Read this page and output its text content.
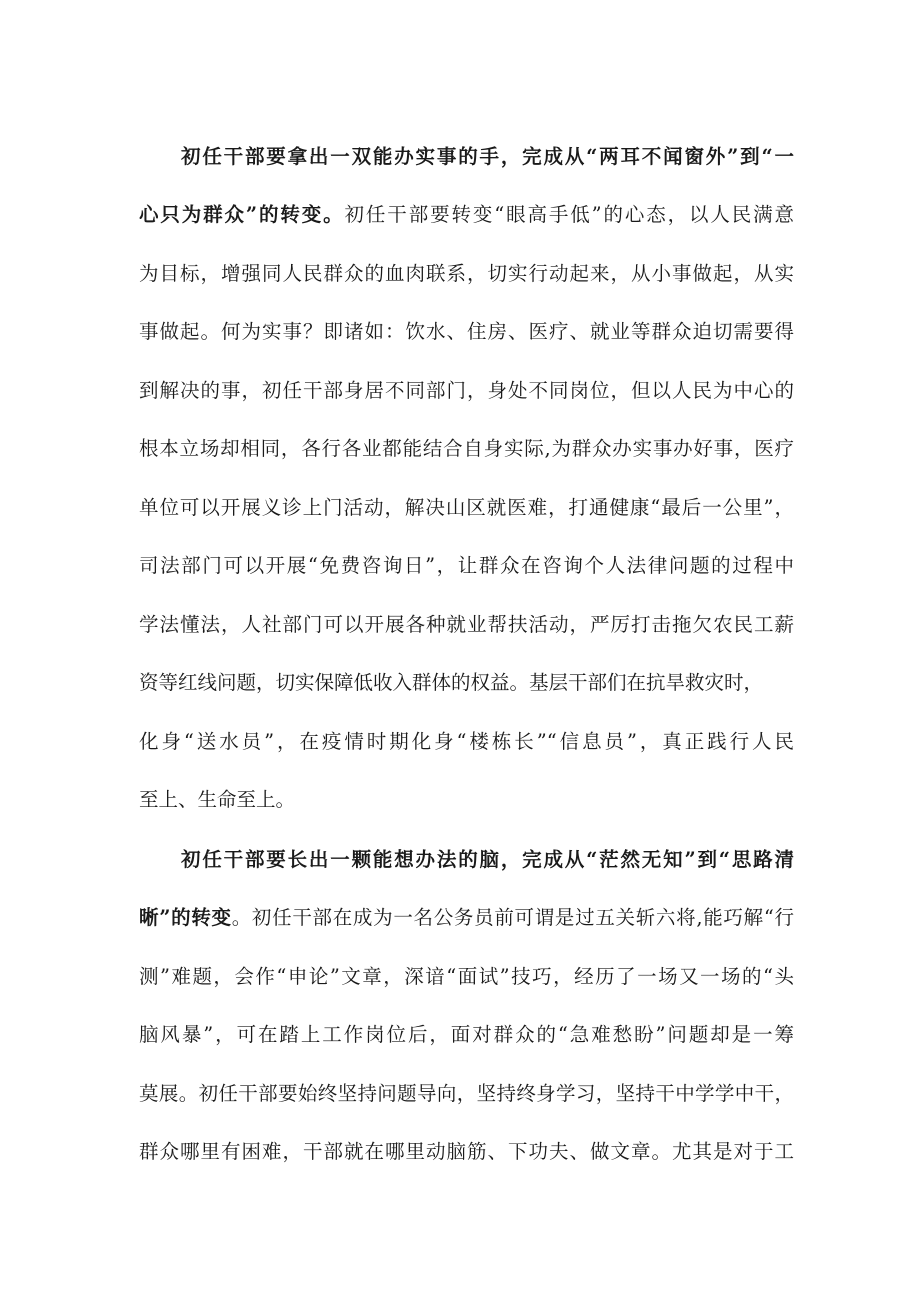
初任干部要拿出一双能办实事的手，完成从“两耳不闻窗外”到“一
心只为群众”的转变。初任干部要转变“眼高手低”的心态，以人民满意
为目标，增强同人民群众的血肉联系，切实行动起来，从小事做起，从实
事做起。何为实事？即诸如：饮水、住房、医疗、就业等群众迫切需要得
到解决的事，初任干部身居不同部门，身处不同岗位，但以人民为中心的
根本立场却相同，各行各业都能结合自身实际,为群众办实事办好事，医疗
单位可以开展义诊上门活动，解决山区就医难，打通健康“最后一公里”，
司法部门可以开展“免费咨询日”，让群众在咨询个人法律问题的过程中
学法懂法，人社部门可以开展各种就业帮扶活动，严厉打击拖欠农民工薪
资等红线问题，切实保障低收入群体的权益。基层干部们在抗旱救灾时，
化身“送水员”，在疫情时期化身“楼栋长”“信息员”，真正践行人民
至上、生命至上。
初任干部要长出一颗能想办法的脑，完成从“茫然无知”到“思路清
晰”的转变。初任干部在成为一名公务员前可谓是过五关斩六将,能巧解“行
测”难题，会作“申论”文章，深谙“面试”技巧，经历了一场又一场的“头
脑风暴”，可在踏上工作岗位后，面对群众的“急难愁盼”问题却是一筹
莫展。初任干部要始终坚持问题导向，坚持终身学习，坚持干中学学中干，
群众哪里有困难，干部就在哪里动脑筋、下功夫、做文章。尤其是对于工
